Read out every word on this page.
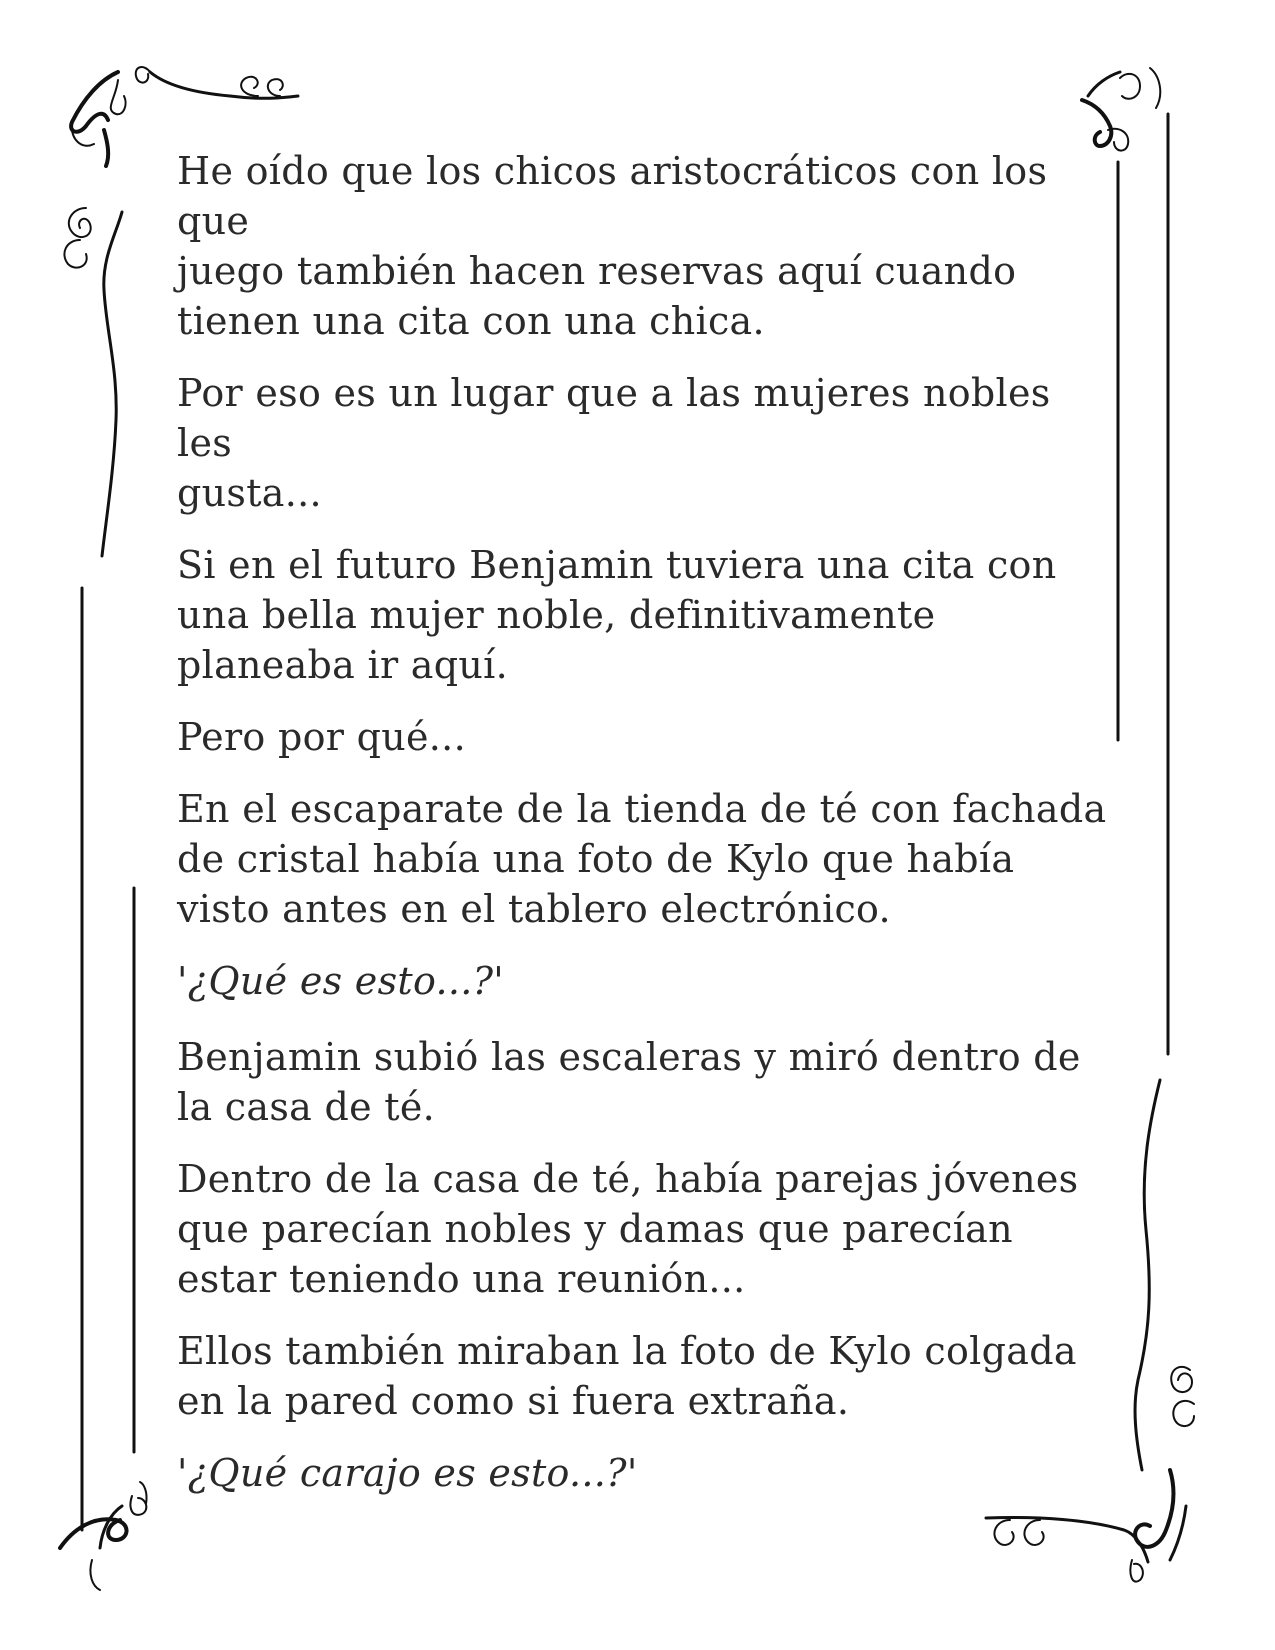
He oído que los chicos aristocráticos con los que
juego también hacen reservas aquí cuando
tienen una cita con una chica.

Por eso es un lugar que a las mujeres nobles les
gusta...

Si en el futuro Benjamin tuviera una cita con
una bella mujer noble, definitivamente
planeaba ir aquí.

Pero por qué...

En el escaparate de la tienda de té con fachada
de cristal había una foto de Kylo que había
visto antes en el tablero electrónico.

'¿Qué es esto...?'

Benjamin subió las escaleras y miró dentro de
la casa de té.

Dentro de la casa de té, había parejas jóvenes
que parecían nobles y damas que parecían
estar teniendo una reunión...

Ellos también miraban la foto de Kylo colgada
en la pared como si fuera extraña.

'¿Qué carajo es esto...?'
